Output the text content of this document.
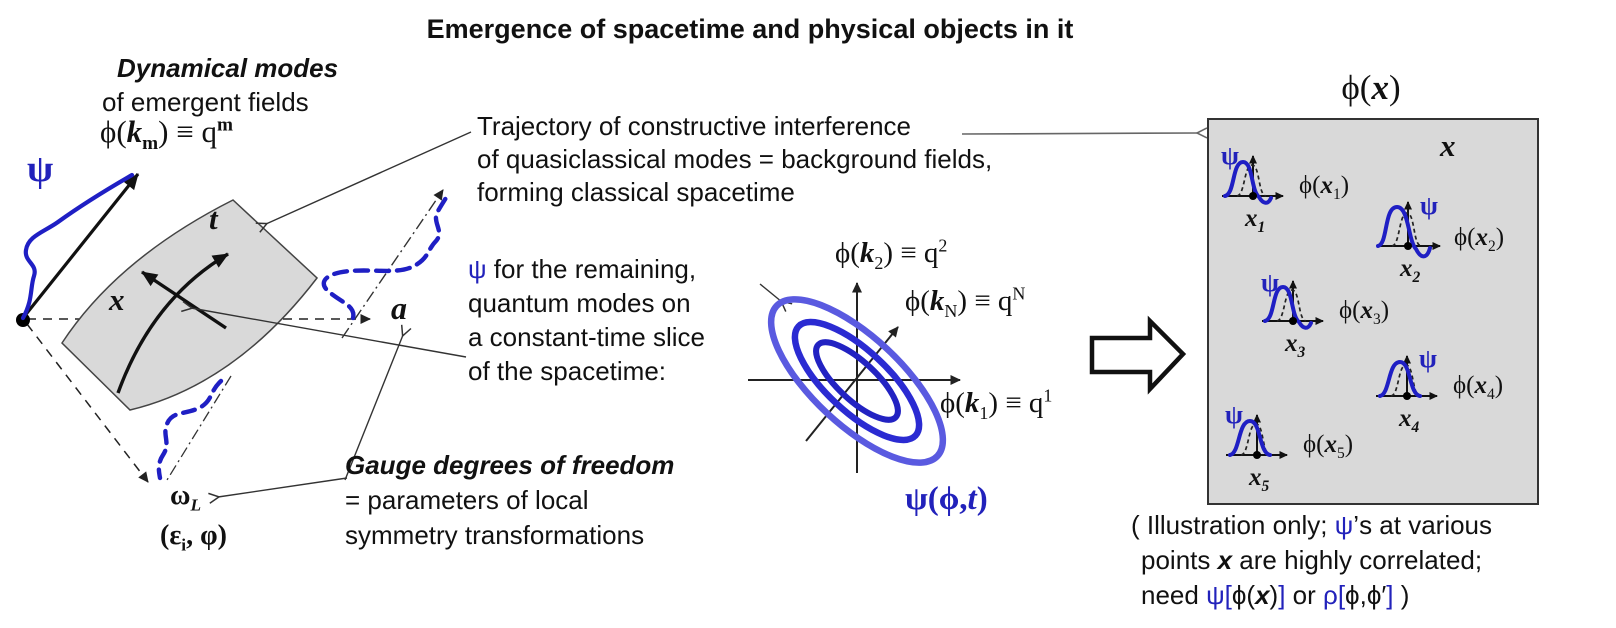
Emergence of spacetime and physical objects in it
Dynamical modes
of emergent fields
$\phi(k_m) \equiv q^m$
ψ
t
x	a
$\omega_L$
($\varepsilon_i$, φ)
Trajectory of constructive interference
of quasiclassical modes = background fields,
forming classical spacetime
ψ for the remaining,
quantum modes on
a constant-time slice
of the spacetime:
Gauge degrees of freedom
= parameters of local
symmetry transformations
$\phi(k_2) \equiv q^2$
$\phi(k_N) \equiv q^N$
$\phi(k_1) \equiv q^1$
ψ(ϕ,t)
ϕ(x)
x
ψ
$\phi(x_1)$
$x_1$
ψ
$\phi(x_2)$
$x_2$
ψ
$\phi(x_3)$
$x_3$	ψ
$\phi(x_4)$
$x_4$
ψ
$\phi(x_5)$
$x_5$
( Illustration only; ψ’s at various
points x are highly correlated;
need ψ[ϕ(x)] or ρ[ϕ,ϕ′] )
